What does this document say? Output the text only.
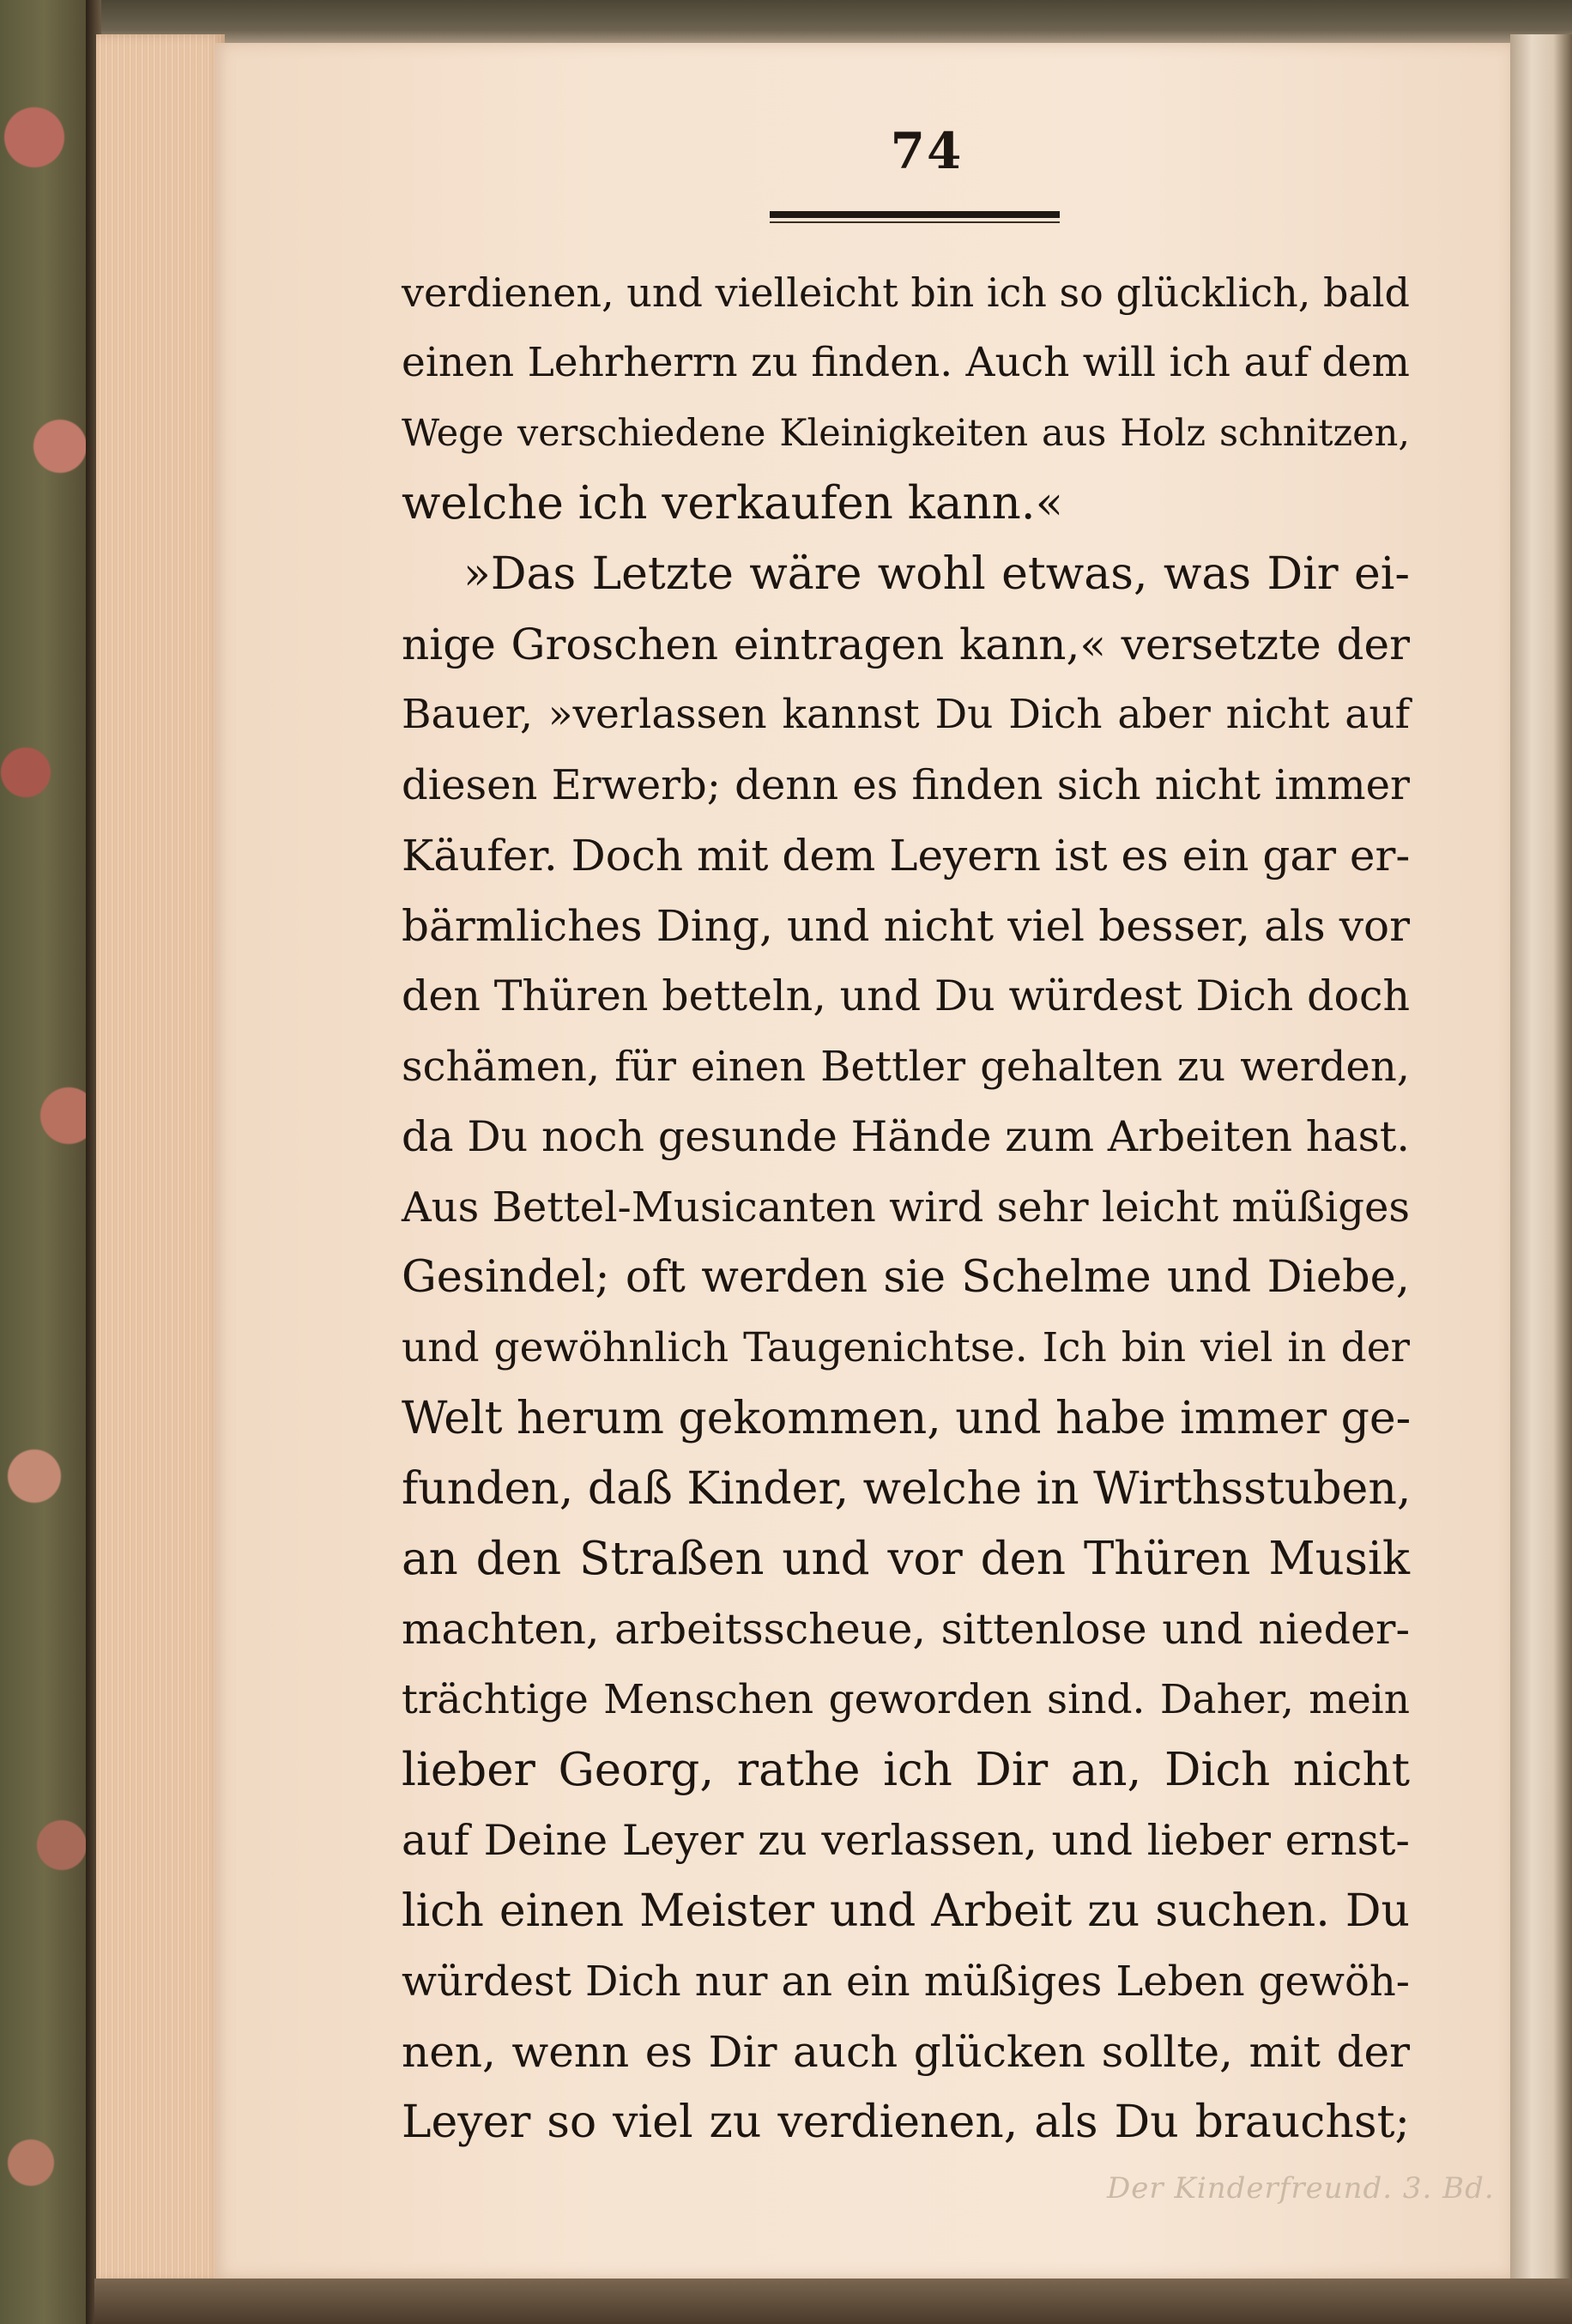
74
verdienen, und vielleicht bin ich so glücklich, bald
einen Lehrherrn zu finden. Auch will ich auf dem
Wege verschiedene Kleinigkeiten aus Holz schnitzen,
welche ich verkaufen kann.«
»Das Letzte wäre wohl etwas, was Dir ei-
nige Groschen eintragen kann,« versetzte der
Bauer, »verlassen kannst Du Dich aber nicht auf
diesen Erwerb; denn es finden sich nicht immer
Käufer. Doch mit dem Leyern ist es ein gar er-
bärmliches Ding, und nicht viel besser, als vor
den Thüren betteln, und Du würdest Dich doch
schämen, für einen Bettler gehalten zu werden,
da Du noch gesunde Hände zum Arbeiten hast.
Aus Bettel-Musicanten wird sehr leicht müßiges
Gesindel; oft werden sie Schelme und Diebe,
und gewöhnlich Taugenichtse. Ich bin viel in der
Welt herum gekommen, und habe immer ge-
funden, daß Kinder, welche in Wirthsstuben,
an den Straßen und vor den Thüren Musik
machten, arbeitsscheue, sittenlose und nieder-
trächtige Menschen geworden sind. Daher, mein
lieber Georg, rathe ich Dir an, Dich nicht
auf Deine Leyer zu verlassen, und lieber ernst-
lich einen Meister und Arbeit zu suchen. Du
würdest Dich nur an ein müßiges Leben gewöh-
nen, wenn es Dir auch glücken sollte, mit der
Leyer so viel zu verdienen, als Du brauchst;
Der Kinderfreund. 3. Bd.
